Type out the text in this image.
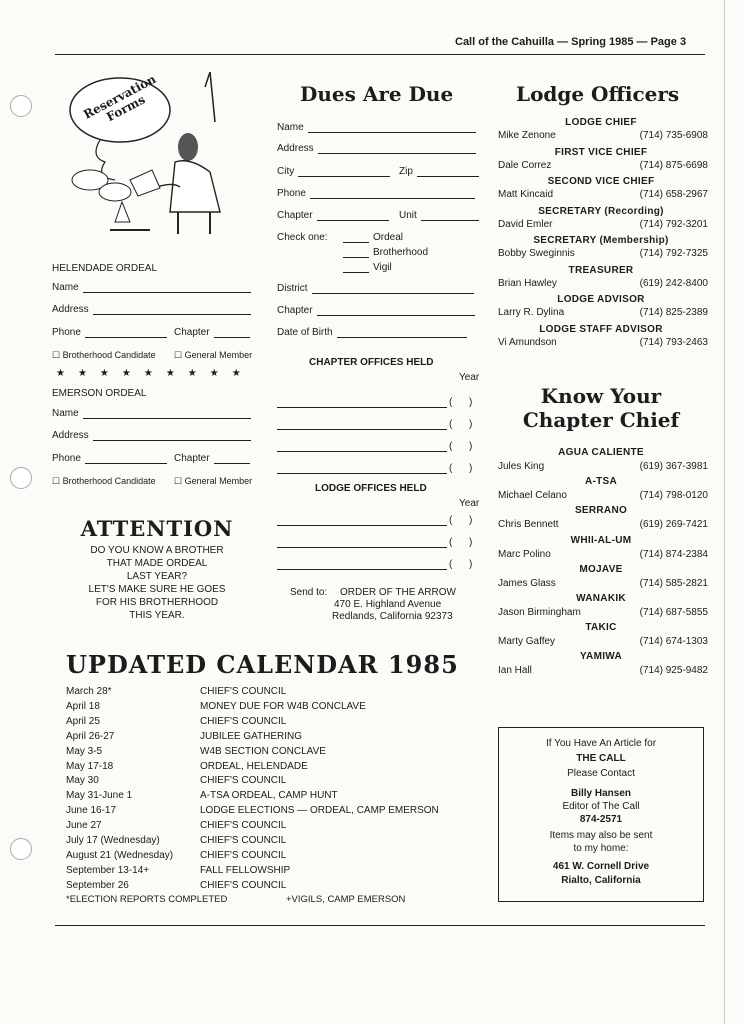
Call of the Cahuilla — Spring 1985 — Page 3
Reservation Forms
HELENDADE ORDEAL
Name
Address
Phone	Chapter
☐ Brotherhood Candidate ☐ General Member
★★★★★★★★★
EMERSON ORDEAL
Name
Address
Phone	Chapter
☐ Brotherhood Candidate ☐ General Member
ATTENTION
DO YOU KNOW A BROTHER
THAT MADE ORDEAL
LAST YEAR?
LET'S MAKE SURE HE GOES
FOR HIS BROTHERHOOD
THIS YEAR.
Dues Are Due
Name
Address
City	Zip
Phone
Chapter	Unit
Check one:	Ordeal
Brotherhood
Vigil
District
Chapter
Date of Birth
CHAPTER OFFICES HELD
Year
(      )
(      )
(      )
(      )
LODGE OFFICES HELD
Year
(      )
(      )
(      )
Send to: ORDER OF THE ARROW
470 E. Highland Avenue
Redlands, California 92373
Lodge Officers
LODGE CHIEF
Mike Zenone	(714) 735-6908
FIRST VICE CHIEF
Dale Correz	(714) 875-6698
SECOND VICE CHIEF
Matt Kincaid	(714) 658-2967
SECRETARY (Recording)
David Emler	(714) 792-3201
SECRETARY (Membership)
Bobby Sweginnis	(714) 792-7325
TREASURER
Brian Hawley	(619) 242-8400
LODGE ADVISOR
Larry R. Dylina	(714) 825-2389
LODGE STAFF ADVISOR
Vi Amundson	(714) 793-2463
Know Your
Chapter Chief
AGUA CALIENTE
Jules King	(619) 367-3981
A-TSA
Michael Celano	(714) 798-0120
SERRANO
Chris Bennett	(619) 269-7421
WHII-AL-UM
Marc Polino	(714) 874-2384
MOJAVE
James Glass	(714) 585-2821
WANAKIK
Jason Birmingham	(714) 687-5855
TAKIC
Marty Gaffey	(714) 674-1303
YAMIWA
Ian Hall	(714) 925-9482
UPDATED CALENDAR 1985
March 28*	CHIEF'S COUNCIL
April 18	MONEY DUE FOR W4B CONCLAVE
April 25	CHIEF'S COUNCIL
April 26-27	JUBILEE GATHERING
May 3-5	W4B SECTION CONCLAVE
May 17-18	ORDEAL, HELENDADE
May 30	CHIEF'S COUNCIL
May 31-June 1	A-TSA ORDEAL, CAMP HUNT
June 16-17	LODGE ELECTIONS — ORDEAL, CAMP EMERSON
June 27	CHIEF'S COUNCIL
July 17 (Wednesday)	CHIEF'S COUNCIL
August 21 (Wednesday)	CHIEF'S COUNCIL
September 13-14+	FALL FELLOWSHIP
September 26	CHIEF'S COUNCIL
*ELECTION REPORTS COMPLETED	+VIGILS, CAMP EMERSON
If You Have An Article for
THE CALL
Please Contact
Billy Hansen
Editor of The Call
874-2571
Items may also be sent
to my home:
461 W. Cornell Drive
Rialto, California
